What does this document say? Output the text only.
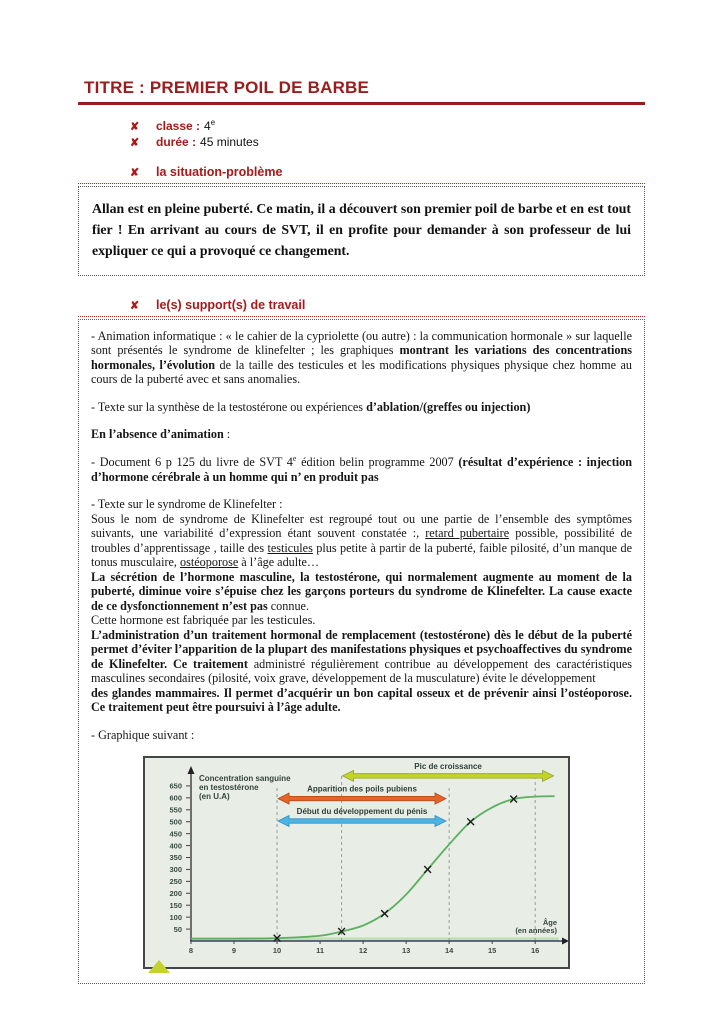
TITRE : PREMIER POIL DE BARBE
✘	classe : 4e
✘	durée : 45 minutes
✘	la situation-problème
Allan est en pleine puberté. Ce matin, il a découvert son premier poil de barbe et en est tout fier ! En arrivant au cours de SVT, il en profite pour demander à son professeur de lui expliquer ce qui a provoqué ce changement.
✘	le(s) support(s) de travail

- Animation informatique : « le cahier de la cypriolette (ou autre) : la communication hormonale » sur laquelle sont présentés le syndrome de klinefelter ; les graphiques montrant les variations des concentrations hormonales, l’évolution de la taille des testicules et les modifications physiques physique chez homme au cours de la puberté avec et sans anomalies.

- Texte sur la synthèse de la testostérone ou expériences d’ablation/(greffes ou injection)

En l’absence d’animation :

- Document 6 p 125 du livre de SVT 4e édition belin programme 2007 (résultat d’expérience : injection d’hormone cérébrale à un homme qui n’ en produit pas

- Texte sur le syndrome de Klinefelter :

Sous le nom de syndrome de Klinefelter est regroupé tout ou une partie de l’ensemble des symptômes suivants, une variabilité d’expression étant souvent constatée :, retard pubertaire possible, possibilité de troubles d’apprentissage , taille des testicules plus petite à partir de la puberté, faible pilosité, d’un manque de tonus musculaire, ostéoporose à l’âge adulte…

La sécrétion de l’hormone masculine, la testostérone, qui normalement augmente au moment de la puberté, diminue voire s’épuise chez les garçons porteurs du syndrome de Klinefelter. La cause exacte de ce dysfonctionnement n’est pas connue.

Cette hormone est fabriquée par les testicules.

L’administration d’un traitement hormonal de remplacement (testostérone) dès le début de la puberté permet d’éviter l’apparition de la plupart des manifestations physiques et psychoaffectives du syndrome de Klinefelter. Ce traitement administré régulièrement contribue au développement des caractéristiques masculines secondaires (pilosité, voix grave, développement de la musculature) évite le développement

des glandes mammaires. Il permet d’acquérir un bon capital osseux et de prévenir ainsi l’ostéoporose. Ce traitement peut être poursuivi à l’âge adulte.

- Graphique suivant :

8	9	10	11	12	13	14	15	16
50
100
150
200
250
300
350
400
450
500
550
600
650
Pic de croissance
Apparition des poils pubiens
Début du développement du pénis
Concentration sanguine
en testostérone
(en U.A)
Âge
(en années)
